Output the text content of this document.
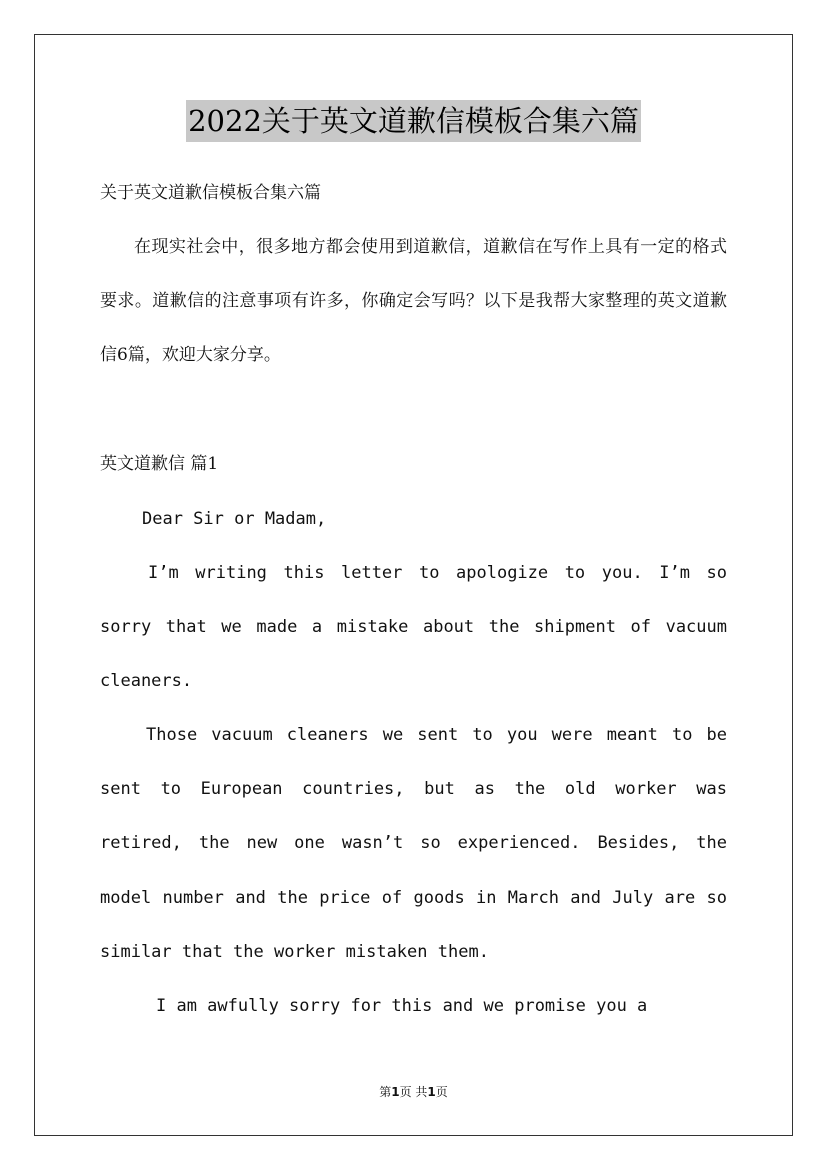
2022关于英文道歉信模板合集六篇
关于英文道歉信模板合集六篇

在现实社会中，很多地方都会使用到道歉信，道歉信在写作上具有一定的格式要求。道歉信的注意事项有许多，你确定会写吗？以下是我帮大家整理的英文道歉信6篇，欢迎大家分享。

英文道歉信 篇1

Dear Sir or Madam,

I’m writing this letter to apologize to you. I’m so sorry that we made a mistake about the shipment of vacuum cleaners.

Those vacuum cleaners we sent to you were meant to be sent to European countries, but as the old worker was retired, the new one wasn’t so experienced. Besides, the model number and the price of goods in March and July are so similar that the worker mistaken them.

I am awfully sorry for this and we promise you a

第1页 共1页
